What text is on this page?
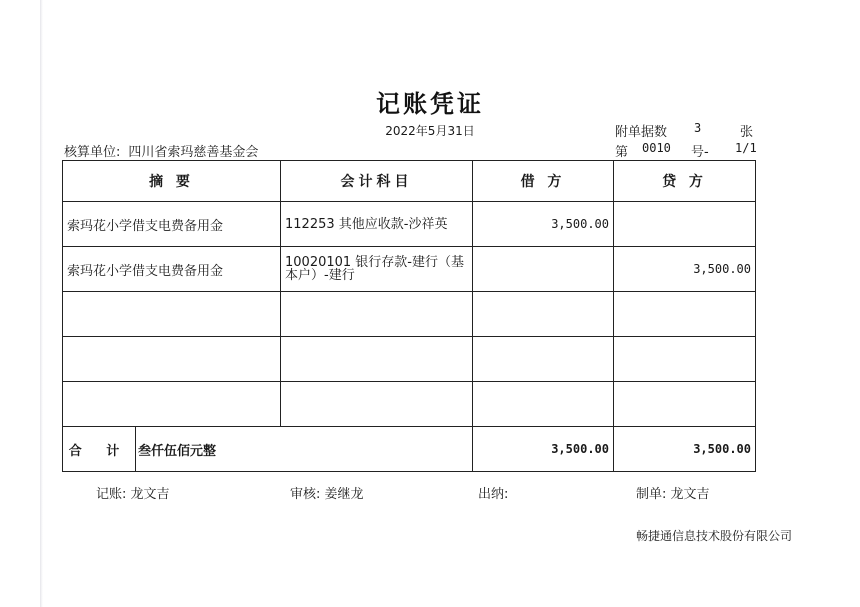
记账凭证
2022年5月31日
核算单位: 四川省索玛慈善基金会
附单据数 3	张
第 0010 号- 1/1
摘 要	会计科目	借 方	贷 方
索玛花小学借支电费备用金	112253 其他应收款-沙祥英	3,500.00	
索玛花小学借支电费备用金	10020101 银行存款-建行（基本户）-建行		3,500.00

合 计 叁仟伍佰元整		3,500.00	3,500.00
记账: 龙文吉	审核: 姜继龙	出纳:	制单: 龙文吉
畅捷通信息技术股份有限公司
